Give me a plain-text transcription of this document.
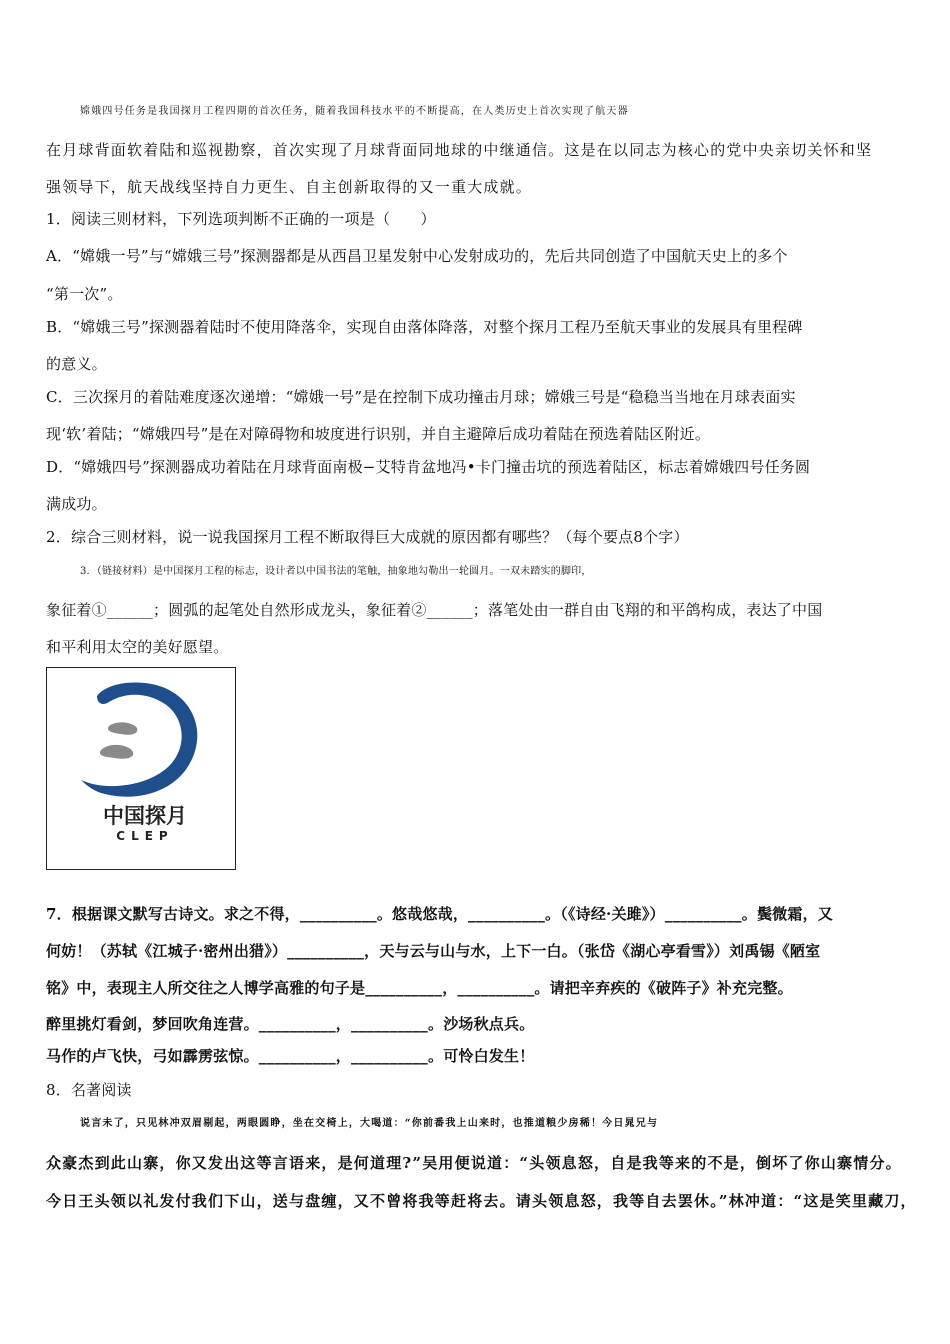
嫦娥四号任务是我国探月工程四期的首次任务，随着我国科技水平的不断提高，在人类历史上首次实现了航天器
在月球背面软着陆和巡视勘察，首次实现了月球背面同地球的中继通信。这是在以同志为核心的党中央亲切关怀和坚
强领导下，航天战线坚持自力更生、自主创新取得的又一重大成就。
1．阅读三则材料，下列选项判断不正确的一项是（　　）
A．“嫦娥一号”与“嫦娥三号”探测器都是从西昌卫星发射中心发射成功的，先后共同创造了中国航天史上的多个
“第一次”。
B．“嫦娥三号”探测器着陆时不使用降落伞，实现自由落体降落，对整个探月工程乃至航天事业的发展具有里程碑
的意义。
C．三次探月的着陆难度逐次递增：“嫦娥一号”是在控制下成功撞击月球；嫦娥三号是“稳稳当当地在月球表面实
现‘软’着陆；“嫦娥四号”是在对障碍物和坡度进行识别，并自主避障后成功着陆在预选着陆区附近。
D．“嫦娥四号”探测器成功着陆在月球背面南极−艾特肯盆地冯•卡门撞击坑的预选着陆区，标志着嫦娥四号任务圆
满成功。
2．综合三则材料，说一说我国探月工程不断取得巨大成就的原因都有哪些？（每个要点8个字）
3．（链接材料）是中国探月工程的标志，设计者以中国书法的笔触，抽象地勾勒出一轮圆月。一双未踏实的脚印，
象征着①______；圆弧的起笔处自然形成龙头，象征着②______；落笔处由一群自由飞翔的和平鸽构成，表达了中国
和平利用太空的美好愿望。
中国探月
CLEP
7．根据课文默写古诗文。求之不得，__________。悠哉悠哉，__________。（《诗经·关雎》）__________。鬓微霜，又
何妨！（苏轼《江城子·密州出猎》）__________，天与云与山与水，上下一白。（张岱《湖心亭看雪》）刘禹锡《陋室
铭》中，表现主人所交往之人博学高雅的句子是__________，__________。请把辛弃疾的《破阵子》补充完整。
醉里挑灯看剑，梦回吹角连营。__________，__________。沙场秋点兵。
马作的卢飞快，弓如霹雳弦惊。__________，__________。可怜白发生！
8．名著阅读
说言未了，只见林冲双眉剔起，两眼圆睁，坐在交椅上，大喝道：“你前番我上山来时，也推道粮少房稀！今日晁兄与
众豪杰到此山寨，你又发出这等言语来，是何道理?”吴用便说道：“头领息怒，自是我等来的不是，倒坏了你山寨情分。
今日王头领以礼发付我们下山，送与盘缠，又不曾将我等赶将去。请头领息怒，我等自去罢休。”林冲道：“这是笑里藏刀，
